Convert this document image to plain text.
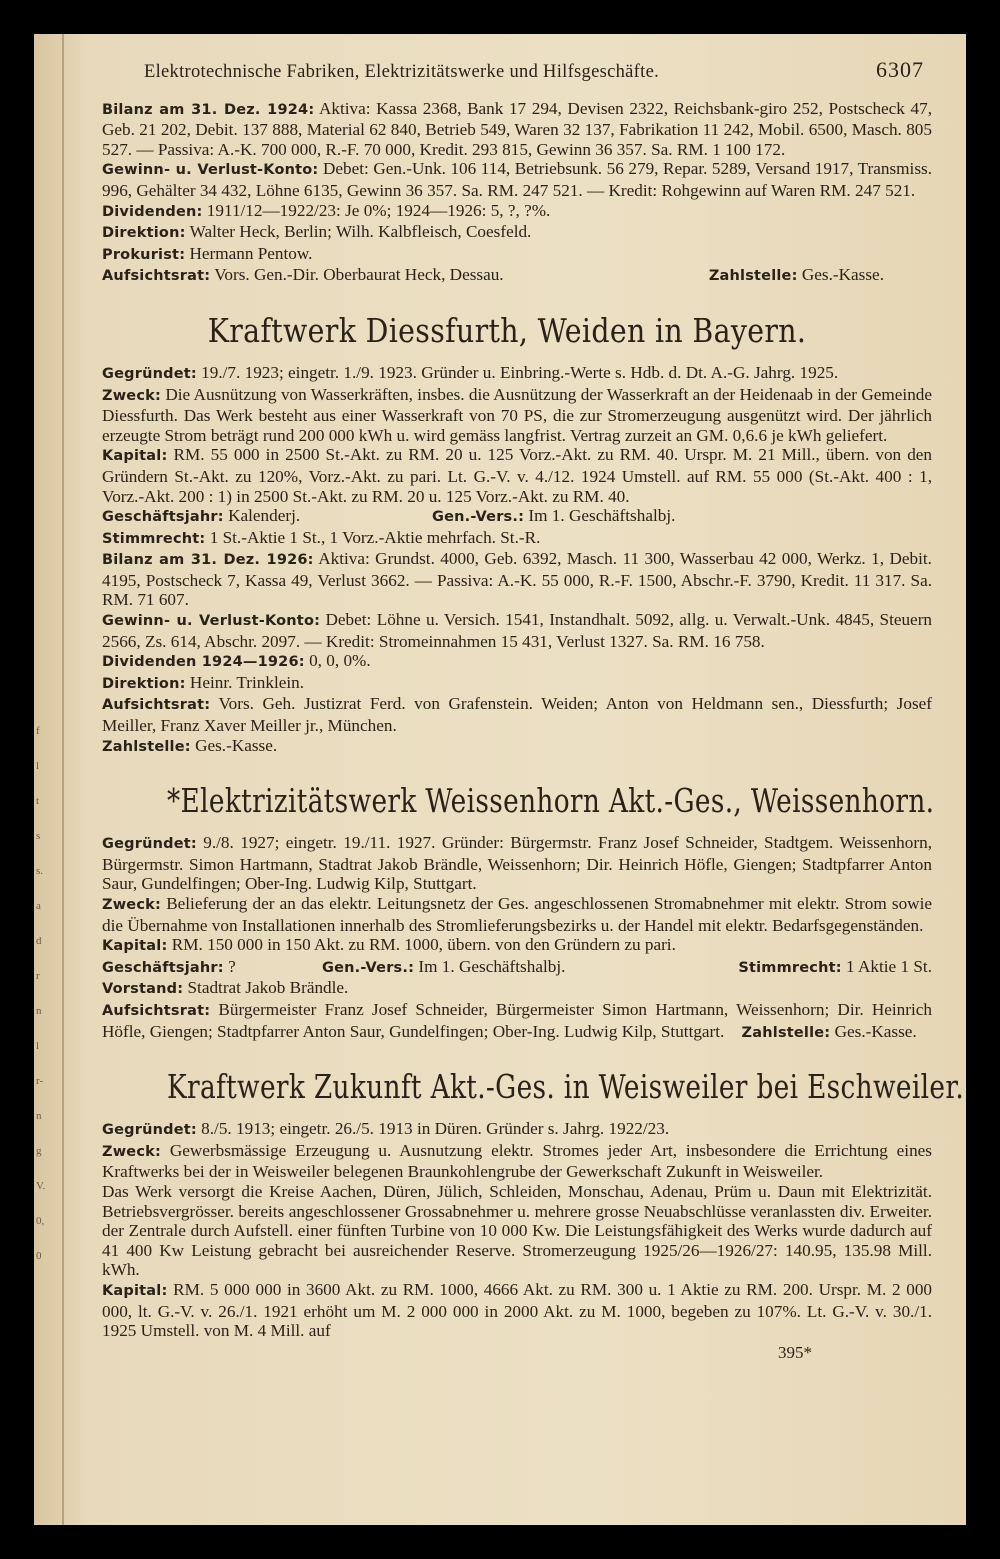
f
l
t
s
s.
a
d
r
n
l
r-
n
g
V.
0,
0
Elektrotechnische Fabriken, Elektrizitätswerke und Hilfsgeschäfte.	6307

Bilanz am 31. Dez. 1924: Aktiva: Kassa 2368, Bank 17 294, Devisen 2322, Reichsbank-giro 252, Postscheck 47, Geb. 21 202, Debit. 137 888, Material 62 840, Betrieb 549, Waren 32 137, Fabrikation 11 242, Mobil. 6500, Masch. 805 527. — Passiva: A.-K. 700 000, R.-F. 70 000, Kredit. 293 815, Gewinn 36 357. Sa. RM. 1 100 172.

Gewinn- u. Verlust-Konto: Debet: Gen.-Unk. 106 114, Betriebsunk. 56 279, Repar. 5289, Versand 1917, Transmiss. 996, Gehälter 34 432, Löhne 6135, Gewinn 36 357. Sa. RM. 247 521. — Kredit: Rohgewinn auf Waren RM. 247 521.

Dividenden: 1911/12—1922/23: Je 0%; 1924—1926: 5, ?, ?%.

Direktion: Walter Heck, Berlin; Wilh. Kalbfleisch, Coesfeld.

Prokurist: Hermann Pentow.

Aufsichtsrat: Vors. Gen.-Dir. Oberbaurat Heck, Dessau.	Zahlstelle: Ges.-Kasse.

Kraftwerk Diessfurth, Weiden in Bayern.

Gegründet: 19./7. 1923; eingetr. 1./9. 1923. Gründer u. Einbring.-Werte s. Hdb. d. Dt. A.-G. Jahrg. 1925.

Zweck: Die Ausnützung von Wasserkräften, insbes. die Ausnützung der Wasserkraft an der Heidenaab in der Gemeinde Diessfurth. Das Werk besteht aus einer Wasserkraft von 70 PS, die zur Stromerzeugung ausgenützt wird. Der jährlich erzeugte Strom beträgt rund 200 000 kWh u. wird gemäss langfrist. Vertrag zurzeit an GM. 0,6.6 je kWh geliefert.

Kapital: RM. 55 000 in 2500 St.-Akt. zu RM. 20 u. 125 Vorz.-Akt. zu RM. 40. Urspr. M. 21 Mill., übern. von den Gründern St.-Akt. zu 120%, Vorz.-Akt. zu pari. Lt. G.-V. v. 4./12. 1924 Umstell. auf RM. 55 000 (St.-Akt. 400 : 1, Vorz.-Akt. 200 : 1) in 2500 St.-Akt. zu RM. 20 u. 125 Vorz.-Akt. zu RM. 40.

Geschäftsjahr: Kalenderj.	Gen.-Vers.: Im 1. Geschäftshalbj.

Stimmrecht: 1 St.-Aktie 1 St., 1 Vorz.-Aktie mehrfach. St.-R.

Bilanz am 31. Dez. 1926: Aktiva: Grundst. 4000, Geb. 6392, Masch. 11 300, Wasserbau 42 000, Werkz. 1, Debit. 4195, Postscheck 7, Kassa 49, Verlust 3662. — Passiva: A.-K. 55 000, R.-F. 1500, Abschr.-F. 3790, Kredit. 11 317. Sa. RM. 71 607.

Gewinn- u. Verlust-Konto: Debet: Löhne u. Versich. 1541, Instandhalt. 5092, allg. u. Verwalt.-Unk. 4845, Steuern 2566, Zs. 614, Abschr. 2097. — Kredit: Stromeinnahmen 15 431, Verlust 1327. Sa. RM. 16 758.

Dividenden 1924—1926: 0, 0, 0%.

Direktion: Heinr. Trinklein.

Aufsichtsrat: Vors. Geh. Justizrat Ferd. von Grafenstein. Weiden; Anton von Heldmann sen., Diessfurth; Josef Meiller, Franz Xaver Meiller jr., München.

Zahlstelle: Ges.-Kasse.

*Elektrizitätswerk Weissenhorn Akt.-Ges., Weissenhorn.

Gegründet: 9./8. 1927; eingetr. 19./11. 1927. Gründer: Bürgermstr. Franz Josef Schneider, Stadtgem. Weissenhorn, Bürgermstr. Simon Hartmann, Stadtrat Jakob Brändle, Weissenhorn; Dir. Heinrich Höfle, Giengen; Stadtpfarrer Anton Saur, Gundelfingen; Ober-Ing. Ludwig Kilp, Stuttgart.

Zweck: Belieferung der an das elektr. Leitungsnetz der Ges. angeschlossenen Stromabnehmer mit elektr. Strom sowie die Übernahme von Installationen innerhalb des Stromlieferungsbezirks u. der Handel mit elektr. Bedarfsgegenständen.

Kapital: RM. 150 000 in 150 Akt. zu RM. 1000, übern. von den Gründern zu pari.

Geschäftsjahr: ?	Gen.-Vers.: Im 1. Geschäftshalbj.	Stimmrecht: 1 Aktie 1 St.

Vorstand: Stadtrat Jakob Brändle.

Aufsichtsrat: Bürgermeister Franz Josef Schneider, Bürgermeister Simon Hartmann, Weissenhorn; Dir. Heinrich Höfle, Giengen; Stadtpfarrer Anton Saur, Gundelfingen; Ober-Ing. Ludwig Kilp, Stuttgart. Zahlstelle: Ges.-Kasse.

Kraftwerk Zukunft Akt.-Ges. in Weisweiler bei Eschweiler.

Gegründet: 8./5. 1913; eingetr. 26./5. 1913 in Düren. Gründer s. Jahrg. 1922/23.

Zweck: Gewerbsmässige Erzeugung u. Ausnutzung elektr. Stromes jeder Art, insbesondere die Errichtung eines Kraftwerks bei der in Weisweiler belegenen Braunkohlengrube der Gewerkschaft Zukunft in Weisweiler.

Das Werk versorgt die Kreise Aachen, Düren, Jülich, Schleiden, Monschau, Adenau, Prüm u. Daun mit Elektrizität. Betriebsvergrösser. bereits angeschlossener Grossabnehmer u. mehrere grosse Neuabschlüsse veranlassten div. Erweiter. der Zentrale durch Aufstell. einer fünften Turbine von 10 000 Kw. Die Leistungsfähigkeit des Werks wurde dadurch auf 41 400 Kw Leistung gebracht bei ausreichender Reserve. Stromerzeugung 1925/26—1926/27: 140.95, 135.98 Mill. kWh.

Kapital: RM. 5 000 000 in 3600 Akt. zu RM. 1000, 4666 Akt. zu RM. 300 u. 1 Aktie zu RM. 200. Urspr. M. 2 000 000, lt. G.-V. v. 26./1. 1921 erhöht um M. 2 000 000 in 2000 Akt. zu M. 1000, begeben zu 107%. Lt. G.-V. v. 30./1. 1925 Umstell. von M. 4 Mill. auf

395*
